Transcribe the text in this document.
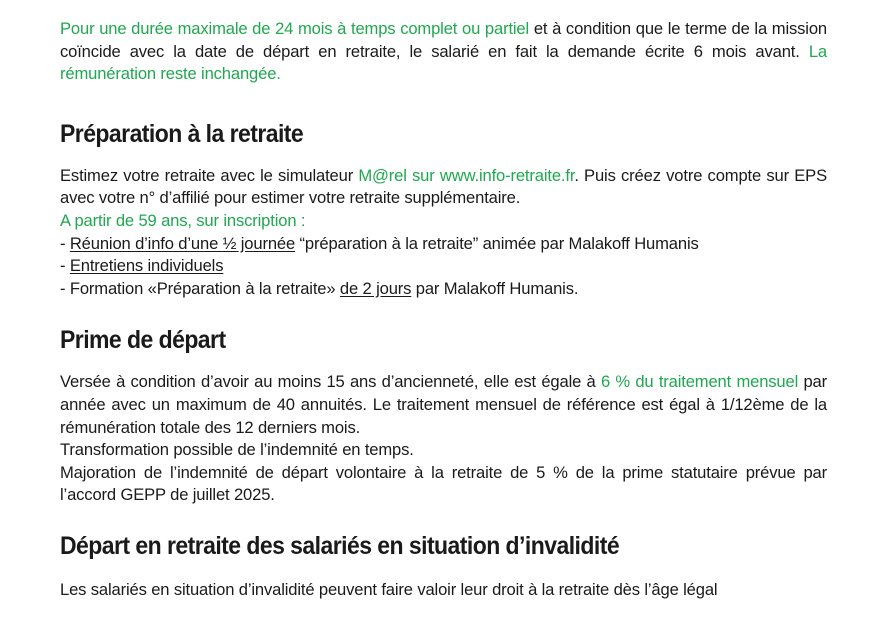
Pour une durée maximale de 24 mois à temps complet ou partiel et à condition que le terme de la mission coïncide avec la date de départ en retraite, le salarié en fait la demande écrite 6 mois avant. La rémunération reste inchangée.

Préparation à la retraite

Estimez votre retraite avec le simulateur M@rel sur www.info-retraite.fr. Puis créez votre compte sur EPS avec votre n° d’affilié pour estimer votre retraite supplémentaire.

A partir de 59 ans, sur inscription :

- Réunion d’info d’une ½ journée “préparation à la retraite” animée par Malakoff Humanis

- Entretiens individuels

- Formation «Préparation à la retraite» de 2 jours par Malakoff Humanis.

Prime de départ

Versée à condition d’avoir au moins 15 ans d’ancienneté, elle est égale à 6 % du traitement mensuel par année avec un maximum de 40 annuités. Le traitement mensuel de référence est égal à 1/12ème de la rémunération totale des 12 derniers mois.

Transformation possible de l’indemnité en temps.

Majoration de l’indemnité de départ volontaire à la retraite de 5 % de la prime statutaire prévue par l’accord GEPP de juillet 2025.

Départ en retraite des salariés en situation d’invalidité

Les salariés en situation d’invalidité peuvent faire valoir leur droit à la retraite dès l’âge légal
